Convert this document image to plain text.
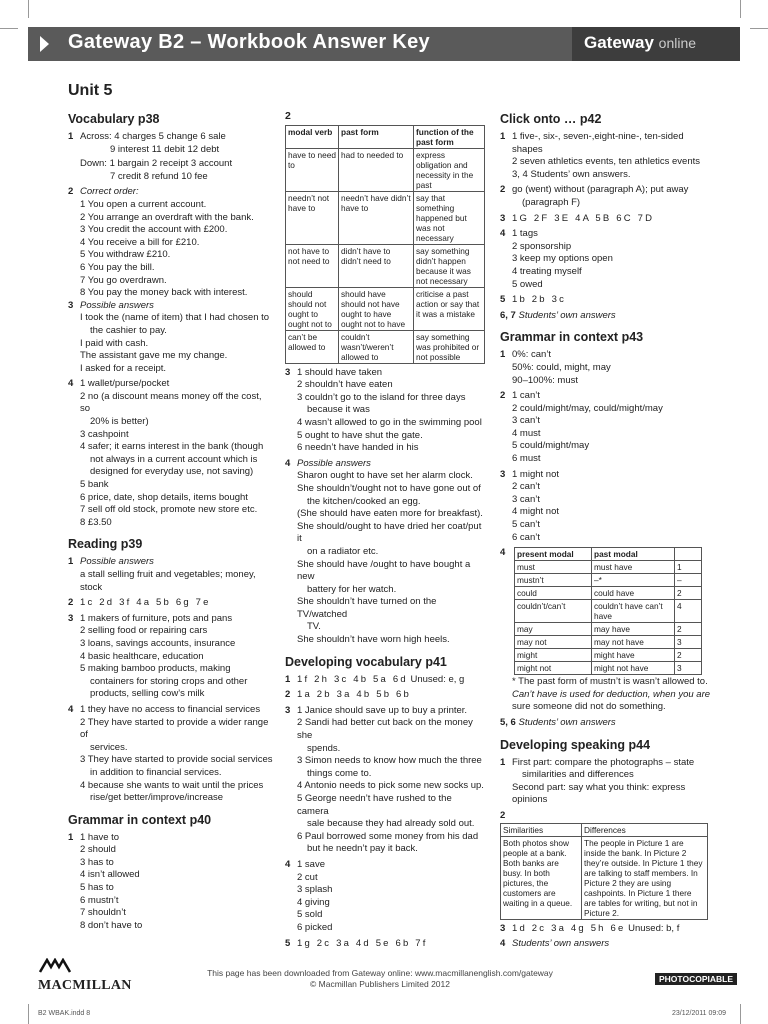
Gateway B2 – Workbook Answer Key	Gateway online
Unit 5
Vocabulary p38
1 Across: 4 charges 5 change 6 sale
9 interest 11 debit 12 debt
Down: 1 bargain 2 receipt 3 account
7 credit 8 refund 10 fee
2 Correct order:
1 You open a current account.
2 You arrange an overdraft with the bank.
3 You credit the account with £200.
4 You receive a bill for £210.
5 You withdraw £210.
6 You pay the bill.
7 You go overdrawn.
8 You pay the money back with interest.
3 Possible answers
I took the (name of item) that I had chosen to
the cashier to pay.
I paid with cash.
The assistant gave me my change.
I asked for a receipt.
4 1 wallet/purse/pocket
2 no (a discount means money off the cost, so
20% is better)
3 cashpoint
4 safer; it earns interest in the bank (though
not always in a current account which is
designed for everyday use, not saving)
5 bank
6 price, date, shop details, items bought
7 sell off old stock, promote new store etc.
8 £3.50
Reading p39
1 Possible answers
a stall selling fruit and vegetables; money, stock
2 1c 2d 3f 4a 5b 6g 7e
3 1 makers of furniture, pots and pans
2 selling food or repairing cars
3 loans, savings accounts, insurance
4 basic healthcare, education
5 making bamboo products, making
containers for storing crops and other
products, selling cow’s milk
4 1 they have no access to financial services
2 They have started to provide a wider range of
services.
3 They have started to provide social services
in addition to financial services.
4 because she wants to wait until the prices
rise/get better/improve/increase
Grammar in context p40
1 1 have to
2 should
3 has to
4 isn’t allowed
5 has to
6 mustn’t
7 shouldn’t
8 don’t have to
2
modal verb	past form	function of the past form
have to need to	had to needed to	express obligation and necessity in the past
needn’t not have to	needn’t have didn’t have to	say that something happened but was not necessary
not have to not need to	didn’t have to didn’t need to	say something didn’t happen because it was not necessary
should should not ought to ought not to	should have should not have ought to have ought not to have	criticise a past action or say that it was a mistake
can’t be allowed to	couldn’t wasn’t/weren’t allowed to	say something was prohibited or not possible
3 1 should have taken
2 shouldn’t have eaten
3 couldn’t go to the island for three days
because it was
4 wasn’t allowed to go in the swimming pool
5 ought to have shut the gate.
6 needn’t have handed in his
4 Possible answers
Sharon ought to have set her alarm clock.
She shouldn’t/ought not to have gone out of
the kitchen/cooked an egg.
(She should have eaten more for breakfast).
She should/ought to have dried her coat/put it
on a radiator etc.
She should have /ought to have bought a new
battery for her watch.
She shouldn’t have turned on the TV/watched
TV.
She shouldn’t have worn high heels.
Developing vocabulary p41
1 1f 2h 3c 4b 5a 6d Unused: e, g
2 1a 2b 3a 4b 5b 6b
3 1 Janice should save up to buy a printer.
2 Sandi had better cut back on the money she
spends.
3 Simon needs to know how much the three
things come to.
4 Antonio needs to pick some new socks up.
5 George needn’t have rushed to the camera
sale because they had already sold out.
6 Paul borrowed some money from his dad
but he needn’t pay it back.
4 1 save
2 cut
3 splash
4 giving
5 sold
6 picked
5 1g 2c 3a 4d 5e 6b 7f
Click onto … p42
1 1 five-, six-, seven-,eight-nine-, ten-sided shapes
2 seven athletics events, ten athletics events
3, 4 Students’ own answers.
2 go (went) without (paragraph A); put away
(paragraph F)
3 1G 2F 3E 4A 5B 6C 7D
4 1 tags
2 sponsorship
3 keep my options open
4 treating myself
5 owed
5 1b 2b 3c
6, 7 Students’ own answers
Grammar in context p43
1 0%: can’t
50%: could, might, may
90–100%: must
2 1 can’t
2 could/might/may, could/might/may
3 can’t
4 must
5 could/might/may
6 must
3 1 might not
2 can’t
3 can’t
4 might not
5 can’t
6 can’t
4 present modal	past modal	
must	must have	1
mustn’t	–*	–
could	could have	2
couldn’t/can’t	couldn’t have can’t have	4
may	may have	2
may not	may not have	3
might	might have	2
might not	might not have	3
* The past form of mustn’t is wasn’t allowed to.
Can’t have is used for deduction, when you are
sure someone did not do something.
5, 6 Students’ own answers
Developing speaking p44
1 First part: compare the photographs – state
similarities and differences
Second part: say what you think: express opinions
2
Similarities	Differences
Both photos show people at a bank. Both banks are busy. In both pictures, the customers are waiting in a queue.	The people in Picture 1 are inside the bank. In Picture 2 they’re outside. In Picture 1 they are talking to staff members. In Picture 2 they are using cashpoints. In Picture 1 there are tables for writing, but not in Picture 2.
3 1d 2c 3a 4g 5h 6e Unused: b, f
4 Students’ own answers
MACMILLAN
This page has been downloaded from Gateway online: www.macmillanenglish.com/gateway
© Macmillan Publishers Limited 2012	PHOTOCOPIABLE
B2 WBAK.indd 8	23/12/2011 09:09
